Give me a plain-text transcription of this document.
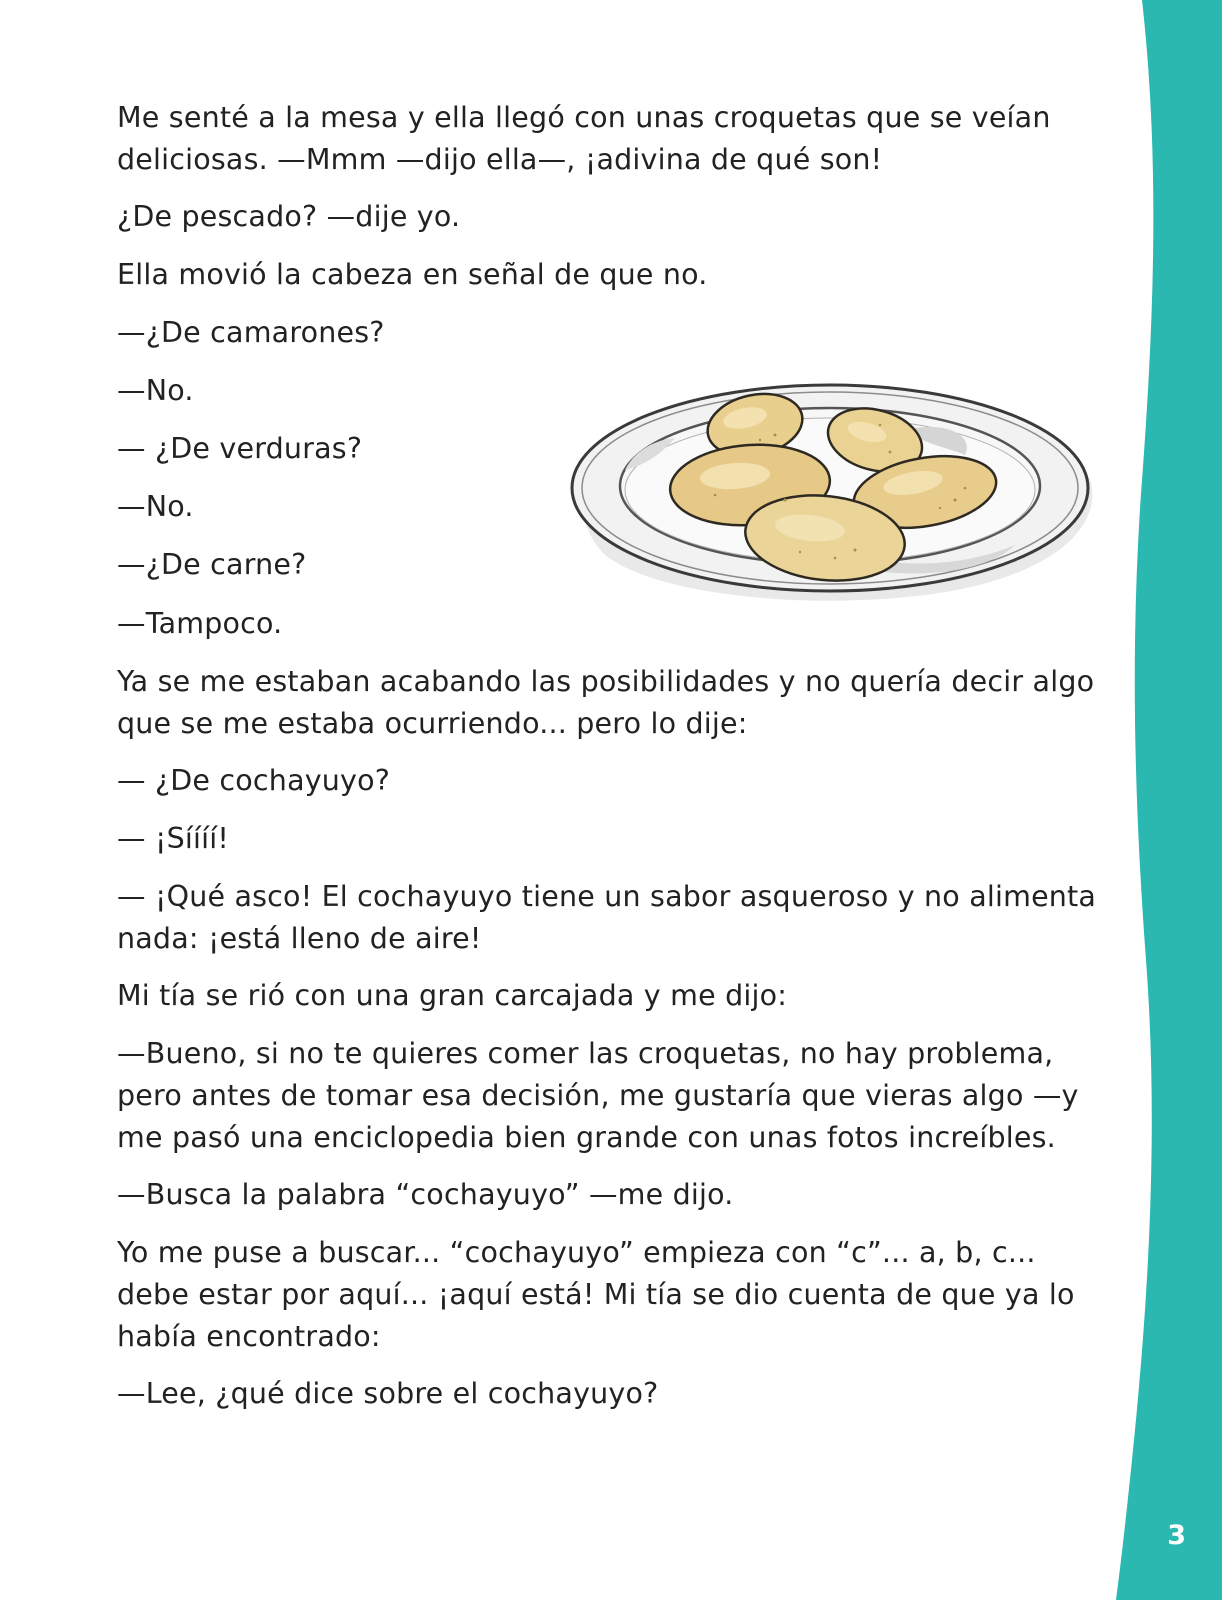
3

Me senté a la mesa y ella llegó con unas croquetas que se veían deliciosas. —Mmm —dijo ella—, ¡adivina de qué son!

¿De pescado? —dije yo.

Ella movió la cabeza en señal de que no.

—¿De camarones?

—No.

— ¿De verduras?

—No.

—¿De carne?

—Tampoco.

Ya se me estaban acabando las posibilidades y no quería decir algo que se me estaba ocurriendo... pero lo dije:

— ¿De cochayuyo?

— ¡Síííí!

— ¡Qué asco! El cochayuyo tiene un sabor asqueroso y no alimenta nada: ¡está lleno de aire!

Mi tía se rió con una gran carcajada y me dijo:

—Bueno, si no te quieres comer las croquetas, no hay problema, pero antes de tomar esa decisión, me gustaría que vieras algo —y me pasó una enciclopedia bien grande con unas fotos increíbles.

—Busca la palabra “cochayuyo” —me dijo.

Yo me puse a buscar... “cochayuyo” empieza con “c”... a, b, c... debe estar por aquí... ¡aquí está! Mi tía se dio cuenta de que ya lo había encontrado:

—Lee, ¿qué dice sobre el cochayuyo?
